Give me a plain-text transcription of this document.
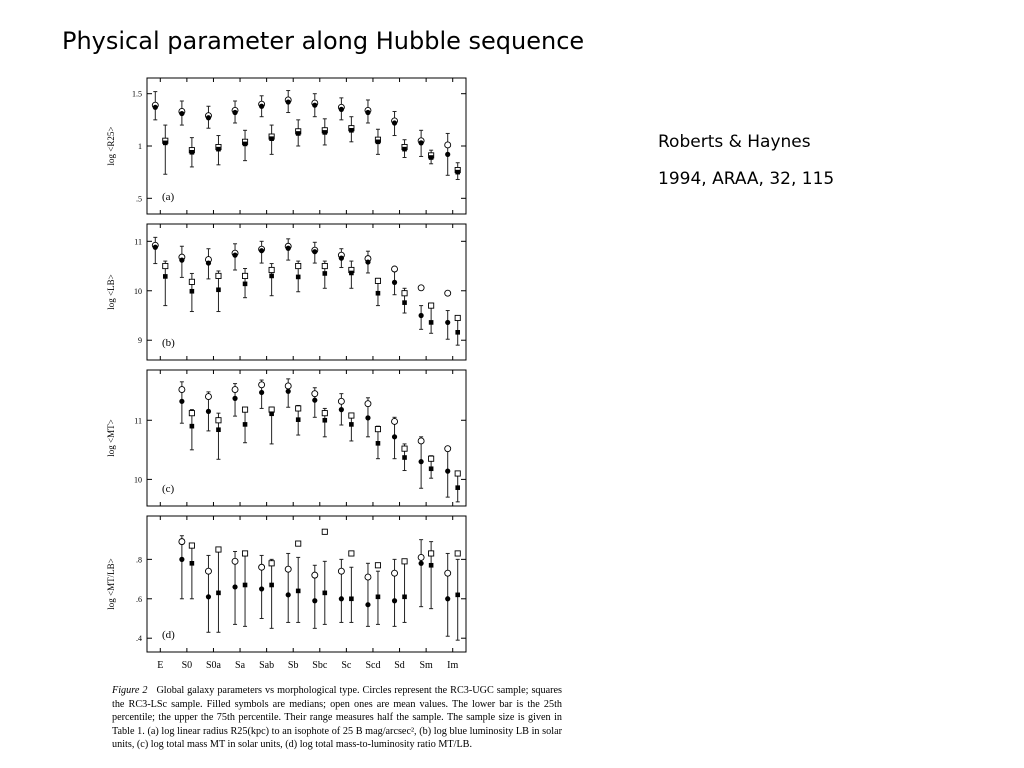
Physical parameter along Hubble sequence
Roberts & Haynes
1994, ARAA, 32, 115
.5
1
1.5
log <R25>
(a)
9
10
11
log <LB>
(b)
10
11
log <MT>
(c)
.4
.6
.8
log <MT/LB>
(d)
E S0 S0a Sa Sab Sb Sbc Sc Scd Sd Sm Im
Figure 2 Global galaxy parameters vs morphological type. Circles represent the RC3-UGC sample; squares the RC3-LSc sample. Filled symbols are medians; open ones are mean values. The lower bar is the 25th percentile; the upper the 75th percentile. Their range measures half the sample. The sample size is given in Table 1. (a) log linear radius R25(kpc) to an isophote of 25 B mag/arcsec², (b) log blue luminosity LB in solar units, (c) log total mass MT in solar units, (d) log total mass-to-luminosity ratio MT/LB.
